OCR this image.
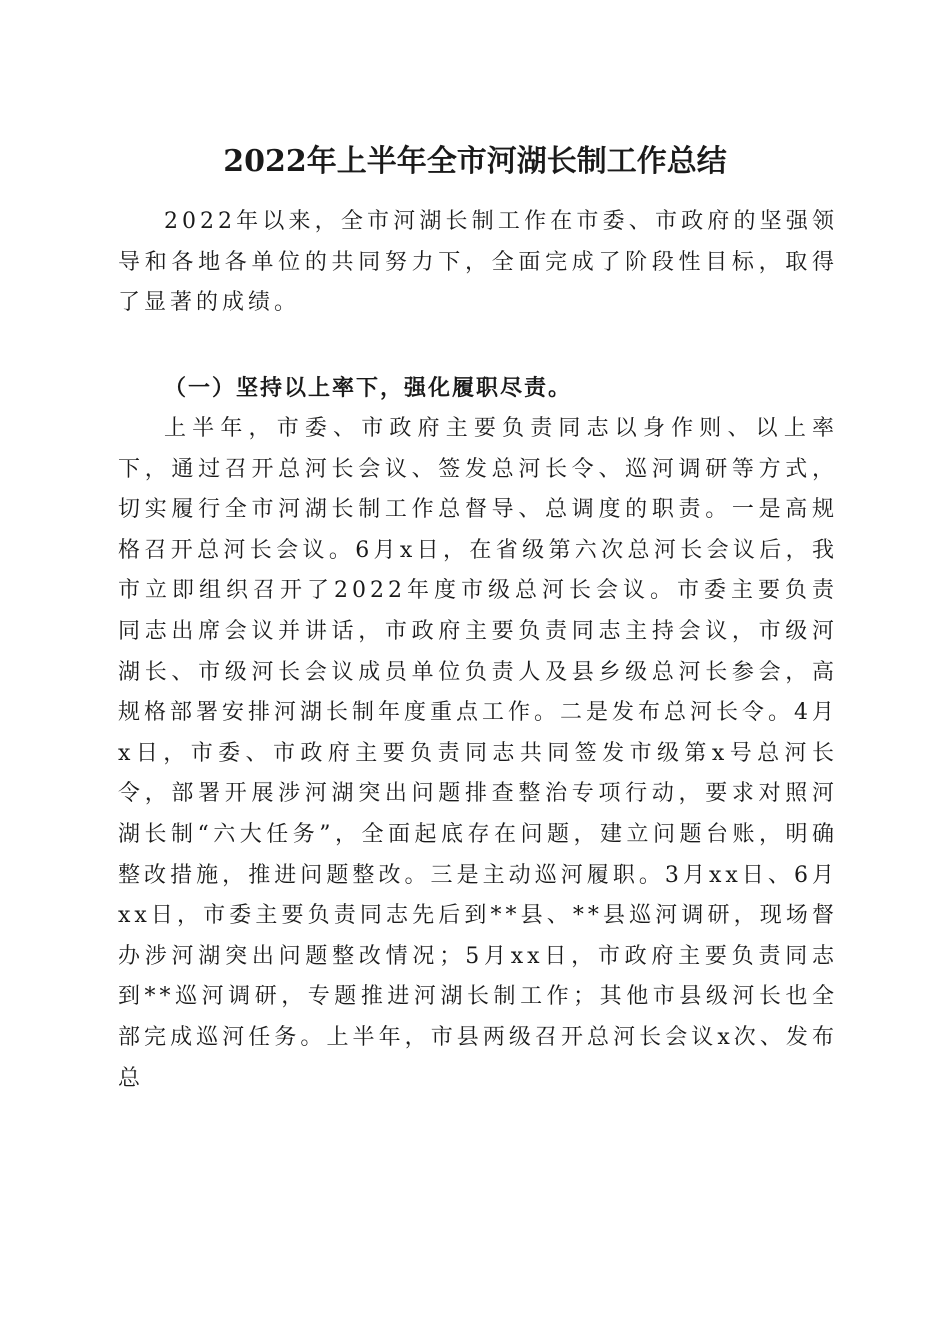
2022年上半年全市河湖长制工作总结
2022年以来，全市河湖长制工作在市委、市政府的坚强领导和各地各单位的共同努力下，全面完成了阶段性目标，取得了显著的成绩。
（一）坚持以上率下，强化履职尽责。
上半年，市委、市政府主要负责同志以身作则、以上率下，通过召开总河长会议、签发总河长令、巡河调研等方式，切实履行全市河湖长制工作总督导、总调度的职责。一是高规格召开总河长会议。6月x日，在省级第六次总河长会议后，我市立即组织召开了2022年度市级总河长会议。市委主要负责同志出席会议并讲话，市政府主要负责同志主持会议，市级河湖长、市级河长会议成员单位负责人及县乡级总河长参会，高规格部署安排河湖长制年度重点工作。二是发布总河长令。4月x日，市委、市政府主要负责同志共同签发市级第x号总河长令，部署开展涉河湖突出问题排查整治专项行动，要求对照河湖长制“六大任务”，全面起底存在问题，建立问题台账，明确整改措施，推进问题整改。三是主动巡河履职。3月xx日、6月xx日，市委主要负责同志先后到**县、**县巡河调研，现场督办涉河湖突出问题整改情况；5月xx日，市政府主要负责同志到**巡河调研，专题推进河湖长制工作；其他市县级河长也全部完成巡河任务。上半年，市县两级召开总河长会议x次、发布总
